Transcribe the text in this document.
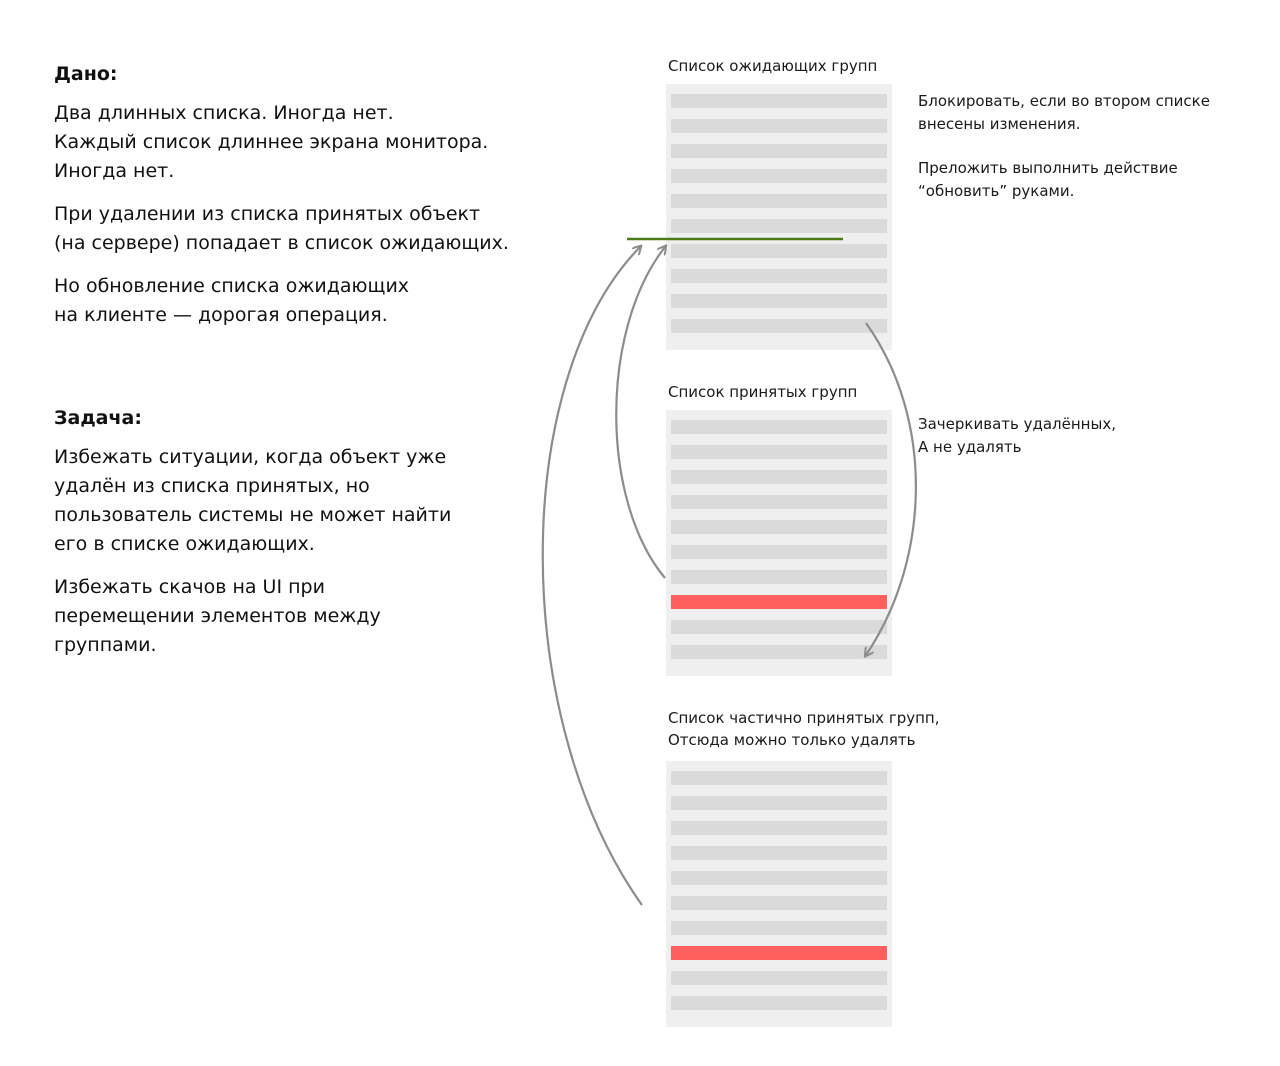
Дано:
Два длинных списка. Иногда нет.
Каждый список длиннее экрана монитора.
Иногда нет.
При удалении из списка принятых объект
(на сервере) попадает в список ожидающих.
Но обновление списка ожидающих
на клиенте — дорогая операция.
Задача:
Избежать ситуации, когда объект уже
удалён из списка принятых, но
пользователь системы не может найти
его в списке ожидающих.
Избежать скачов на UI при
перемещении элементов между
группами.
Список ожидающих групп
Список принятых групп
Список частично принятых групп,
Отсюда можно только удалять
Блокировать, если во втором списке
внесены изменения.
Преложить выполнить действие
“обновить” руками.
Зачеркивать удалённых,
А не удалять
